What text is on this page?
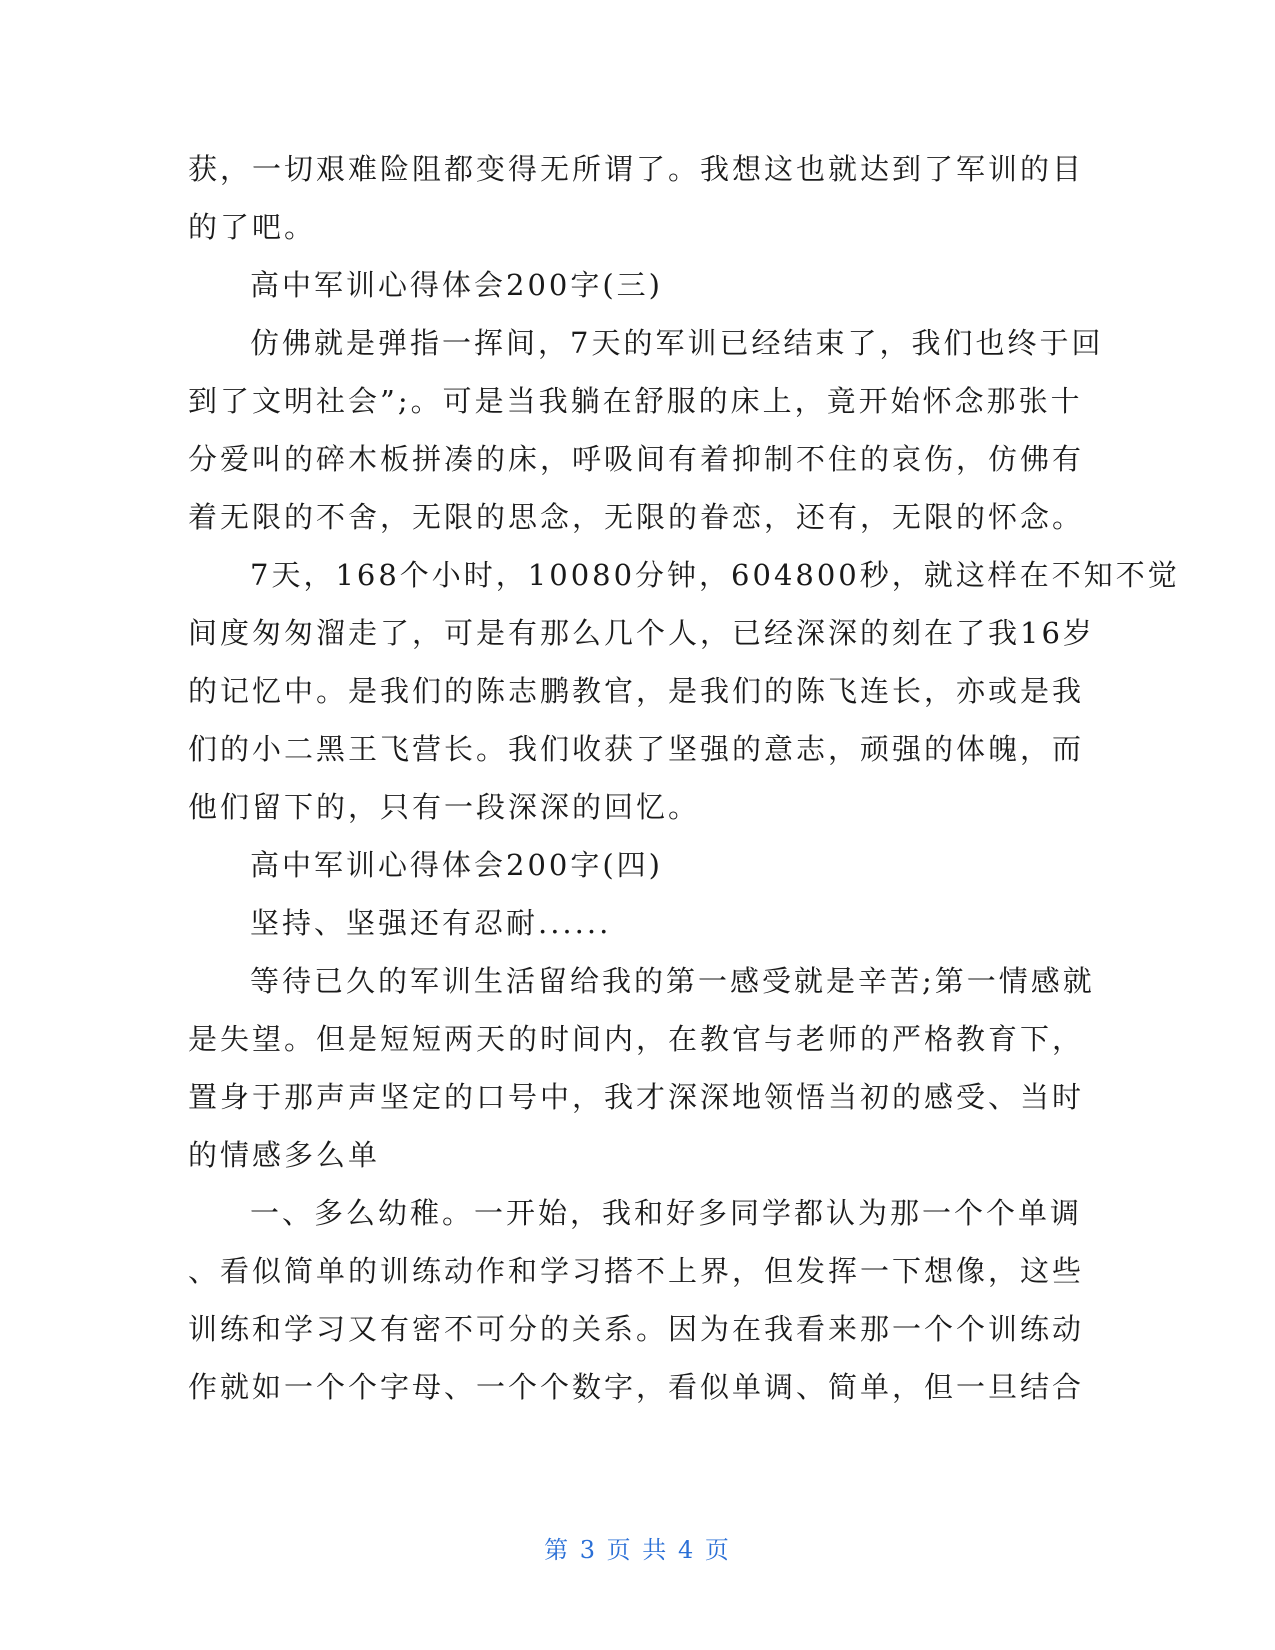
获，一切艰难险阻都变得无所谓了。我想这也就达到了军训的目
的了吧。
高中军训心得体会200字(三)
仿佛就是弹指一挥间，7天的军训已经结束了，我们也终于回
到了文明社会”;。可是当我躺在舒服的床上，竟开始怀念那张十
分爱叫的碎木板拼凑的床，呼吸间有着抑制不住的哀伤，仿佛有
着无限的不舍，无限的思念，无限的眷恋，还有，无限的怀念。
7天，168个小时，10080分钟，604800秒，就这样在不知不觉
间度匆匆溜走了，可是有那么几个人，已经深深的刻在了我16岁
的记忆中。是我们的陈志鹏教官，是我们的陈飞连长，亦或是我
们的小二黑王飞营长。我们收获了坚强的意志，顽强的体魄，而
他们留下的，只有一段深深的回忆。
高中军训心得体会200字(四)
坚持、坚强还有忍耐......
等待已久的军训生活留给我的第一感受就是辛苦;第一情感就
是失望。但是短短两天的时间内，在教官与老师的严格教育下，
置身于那声声坚定的口号中，我才深深地领悟当初的感受、当时
的情感多么单
一、多么幼稚。一开始，我和好多同学都认为那一个个单调
、看似简单的训练动作和学习搭不上界，但发挥一下想像，这些
训练和学习又有密不可分的关系。因为在我看来那一个个训练动
作就如一个个字母、一个个数字，看似单调、简单，但一旦结合
第 3 页 共 4 页
